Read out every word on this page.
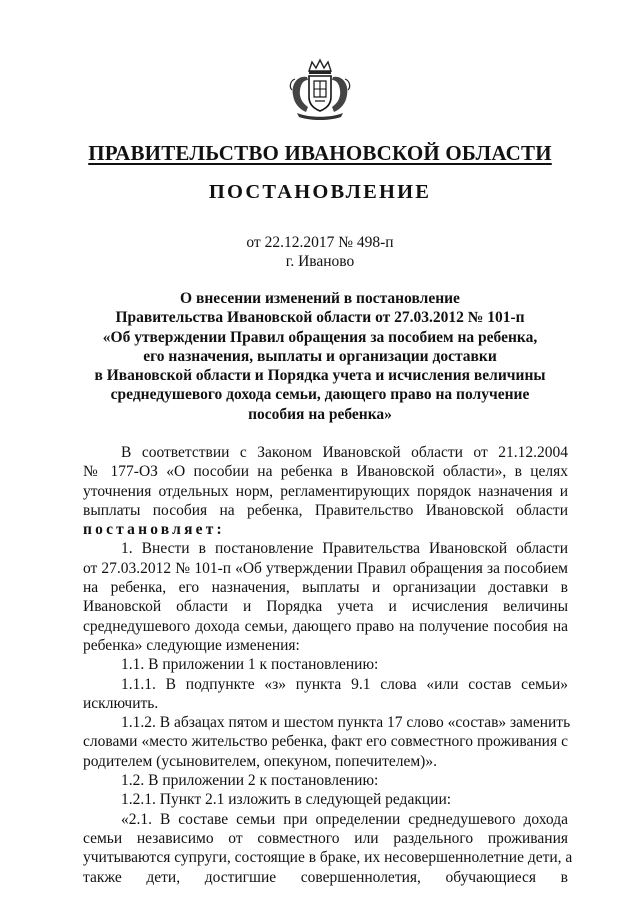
ПРАВИТЕЛЬСТВО ИВАНОВСКОЙ ОБЛАСТИ
ПОСТАНОВЛЕНИЕ
от 22.12.2017 № 498-п
г. Иваново
О внесении изменений в постановление
Правительства Ивановской области от 27.03.2012 № 101-п
«Об утверждении Правил обращения за пособием на ребенка,
его назначения, выплаты и организации доставки
в Ивановской области и Порядка учета и исчисления величины
среднедушевого дохода семьи, дающего право на получение
пособия на ребенка»
В соответствии с Законом Ивановской области от 21.12.2004
№ 177-ОЗ «О пособии на ребенка в Ивановской области», в целях
уточнения отдельных норм, регламентирующих порядок назначения и
выплаты пособия на ребенка, Правительство Ивановской области
постановляет:
1. Внести в постановление Правительства Ивановской области
от 27.03.2012 № 101-п «Об утверждении Правил обращения за пособием
на ребенка, его назначения, выплаты и организации доставки в
Ивановской области и Порядка учета и исчисления величины
среднедушевого дохода семьи, дающего право на получение пособия на
ребенка» следующие изменения:
1.1. В приложении 1 к постановлению:
1.1.1. В подпункте «з» пункта 9.1 слова «или состав семьи»
исключить.
1.1.2. В абзацах пятом и шестом пункта 17 слово «состав» заменить
словами «место жительство ребенка, факт его совместного проживания с
родителем (усыновителем, опекуном, попечителем)».
1.2. В приложении 2 к постановлению:
1.2.1. Пункт 2.1 изложить в следующей редакции:
«2.1. В составе семьи при определении среднедушевого дохода
семьи независимо от совместного или раздельного проживания
учитываются супруги, состоящие в браке, их несовершеннолетние дети, а
также дети, достигшие совершеннолетия, обучающиеся в
